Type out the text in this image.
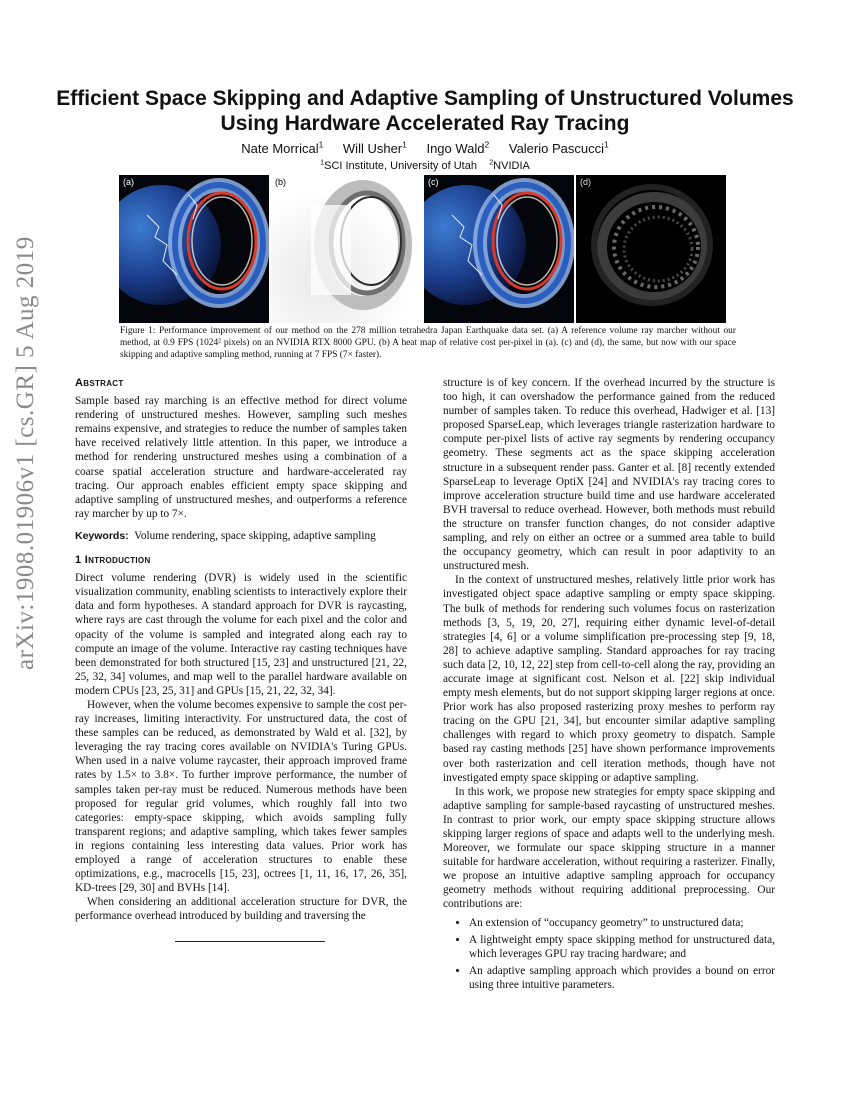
arXiv:1908.01906v1 [cs.GR] 5 Aug 2019
Efficient Space Skipping and Adaptive Sampling of Unstructured Volumes
Using Hardware Accelerated Ray Tracing
Nate Morrical$^1$ Will Usher$^1$ Ingo Wald$^2$ Valerio Pascucci$^1$
$^1$SCI Institute, University of Utah $^2$NVIDIA
(a)	(b)	(c)	(d)
Figure 1: Performance improvement of our method on the 278 million tetrahedra Japan Earthquake data set. (a) A reference volume ray marcher without our method, at 0.9 FPS (1024² pixels) on an NVIDIA RTX 8000 GPU. (b) A heat map of relative cost per-pixel in (a). (c) and (d), the same, but now with our space skipping and adaptive sampling method, running at 7 FPS (7× faster).
Abstract

Sample based ray marching is an effective method for direct volume rendering of unstructured meshes. However, sampling such meshes remains expensive, and strategies to reduce the number of samples taken have received relatively little attention. In this paper, we introduce a method for rendering unstructured meshes using a combination of a coarse spatial acceleration structure and hardware-accelerated ray tracing. Our approach enables efficient empty space skipping and adaptive sampling of unstructured meshes, and outperforms a reference ray marcher by up to 7×.

Keywords: Volume rendering, space skipping, adaptive sampling

1 Introduction

Direct volume rendering (DVR) is widely used in the scientific visualization community, enabling scientists to interactively explore their data and form hypotheses. A standard approach for DVR is raycasting, where rays are cast through the volume for each pixel and the color and opacity of the volume is sampled and integrated along each ray to compute an image of the volume. Interactive ray casting techniques have been demonstrated for both structured [15, 23] and unstructured [21, 22, 25, 32, 34] volumes, and map well to the parallel hardware available on modern CPUs [23, 25, 31] and GPUs [15, 21, 22, 32, 34].

However, when the volume becomes expensive to sample the cost per-ray increases, limiting interactivity. For unstructured data, the cost of these samples can be reduced, as demonstrated by Wald et al. [32], by leveraging the ray tracing cores available on NVIDIA's Turing GPUs. When used in a naive volume raycaster, their approach improved frame rates by 1.5× to 3.8×. To further improve performance, the number of samples taken per-ray must be reduced. Numerous methods have been proposed for regular grid volumes, which roughly fall into two categories: empty-space skipping, which avoids sampling fully transparent regions; and adaptive sampling, which takes fewer samples in regions containing less interesting data values. Prior work has employed a range of acceleration structures to enable these optimizations, e.g., macrocells [15, 23], octrees [1, 11, 16, 17, 26, 35], KD-trees [29, 30] and BVHs [14].

When considering an additional acceleration structure for DVR, the performance overhead introduced by building and traversing the

structure is of key concern. If the overhead incurred by the structure is too high, it can overshadow the performance gained from the reduced number of samples taken. To reduce this overhead, Hadwiger et al. [13] proposed SparseLeap, which leverages triangle rasterization hardware to compute per-pixel lists of active ray segments by rendering occupancy geometry. These segments act as the space skipping acceleration structure in a subsequent render pass. Ganter et al. [8] recently extended SparseLeap to leverage OptiX [24] and NVIDIA's ray tracing cores to improve acceleration structure build time and use hardware accelerated BVH traversal to reduce overhead. However, both methods must rebuild the structure on transfer function changes, do not consider adaptive sampling, and rely on either an octree or a summed area table to build the occupancy geometry, which can result in poor adaptivity to an unstructured mesh.

In the context of unstructured meshes, relatively little prior work has investigated object space adaptive sampling or empty space skipping. The bulk of methods for rendering such volumes focus on rasterization methods [3, 5, 19, 20, 27], requiring either dynamic level-of-detail strategies [4, 6] or a volume simplification pre-processing step [9, 18, 28] to achieve adaptive sampling. Standard approaches for ray tracing such data [2, 10, 12, 22] step from cell-to-cell along the ray, providing an accurate image at significant cost. Nelson et al. [22] skip individual empty mesh elements, but do not support skipping larger regions at once. Prior work has also proposed rasterizing proxy meshes to perform ray tracing on the GPU [21, 34], but encounter similar adaptive sampling challenges with regard to which proxy geometry to dispatch. Sample based ray casting methods [25] have shown performance improvements over both rasterization and cell iteration methods, though have not investigated empty space skipping or adaptive sampling.

In this work, we propose new strategies for empty space skipping and adaptive sampling for sample-based raycasting of unstructured meshes. In contrast to prior work, our empty space skipping structure allows skipping larger regions of space and adapts well to the underlying mesh. Moreover, we formulate our space skipping structure in a manner suitable for hardware acceleration, without requiring a rasterizer. Finally, we propose an intuitive adaptive sampling approach for occupancy geometry methods without requiring additional preprocessing. Our contributions are:

• An extension of “occupancy geometry” to unstructured data;
• A lightweight empty space skipping method for unstructured data, which leverages GPU ray tracing hardware; and
• An adaptive sampling approach which provides a bound on error using three intuitive parameters.
